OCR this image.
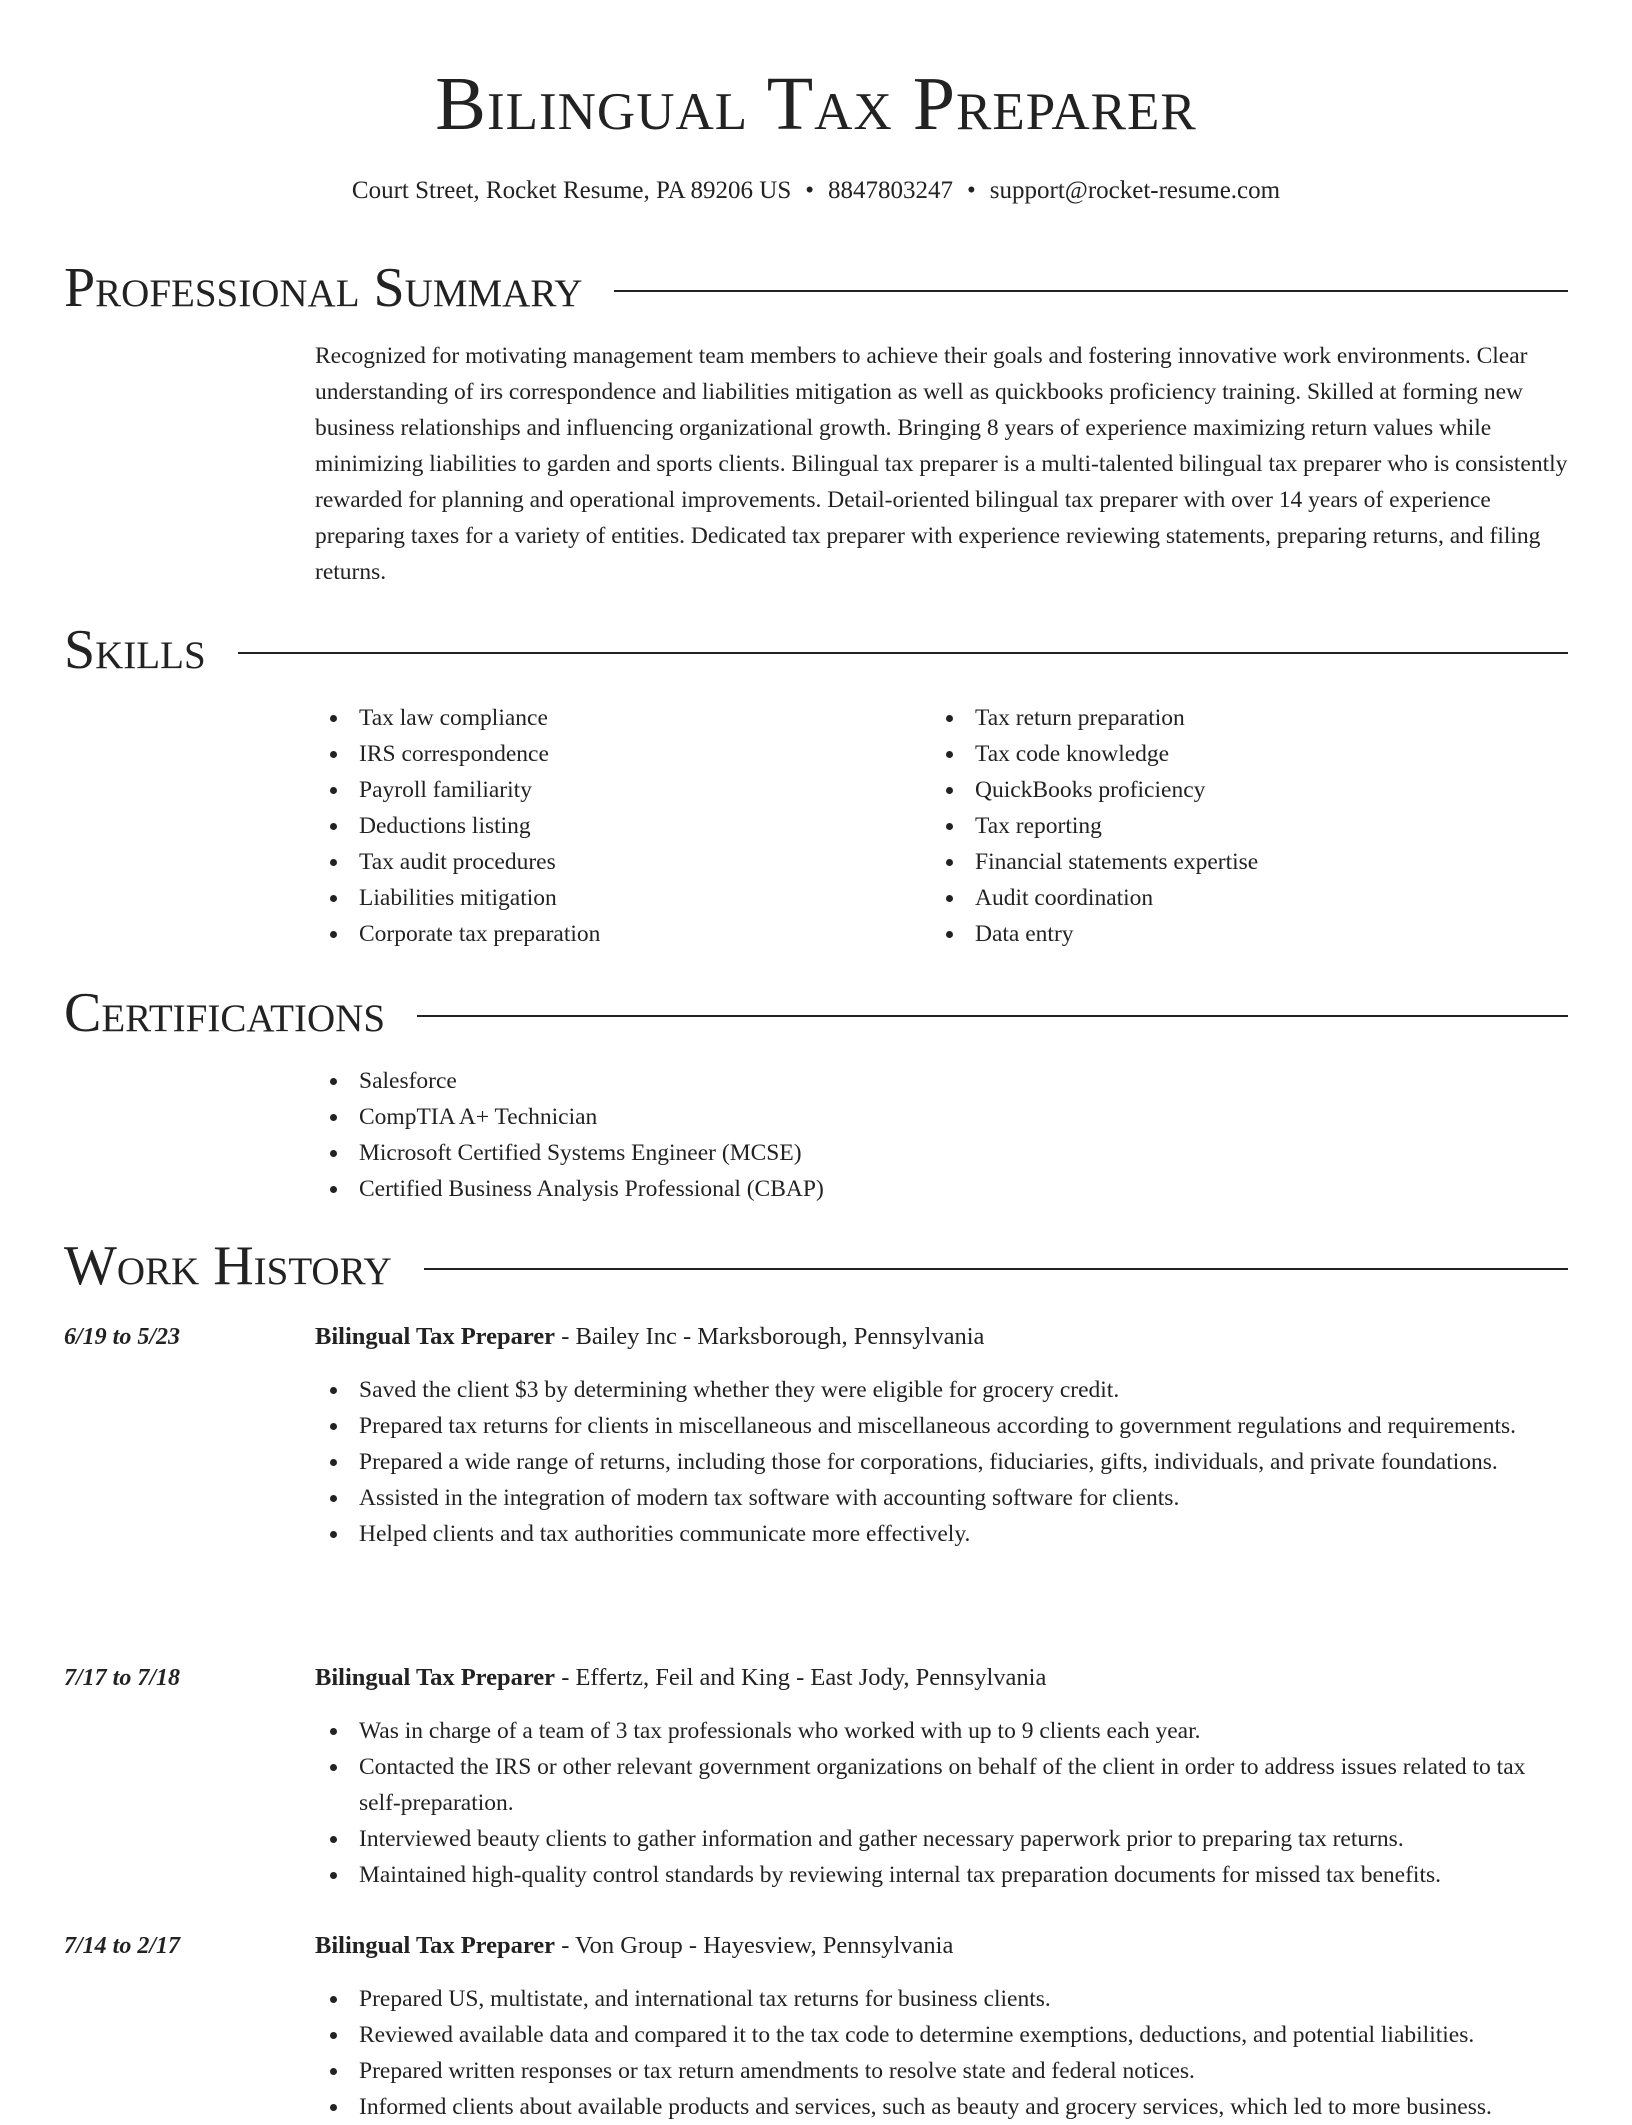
Bilingual Tax Preparer
Court Street, Rocket Resume, PA 89206 US • 8847803247 • support@rocket-resume.com
Professional Summary

Recognized for motivating management team members to achieve their goals and fostering innovative work environments. Clear understanding of irs correspondence and liabilities mitigation as well as quickbooks proficiency training. Skilled at forming new business relationships and influencing organizational growth. Bringing 8 years of experience maximizing return values while minimizing liabilities to garden and sports clients. Bilingual tax preparer is a multi-talented bilingual tax preparer who is consistently rewarded for planning and operational improvements. Detail-oriented bilingual tax preparer with over 14 years of experience preparing taxes for a variety of entities. Dedicated tax preparer with experience reviewing statements, preparing returns, and filing returns.

Skills
Tax law compliance
IRS correspondence
Payroll familiarity
Deductions listing
Tax audit procedures
Liabilities mitigation
Corporate tax preparation
Tax return preparation
Tax code knowledge
QuickBooks proficiency
Tax reporting
Financial statements expertise
Audit coordination
Data entry
Certifications
Salesforce
CompTIA A+ Technician
Microsoft Certified Systems Engineer (MCSE)
Certified Business Analysis Professional (CBAP)
Work History
6/19 to 5/23	Bilingual Tax Preparer - Bailey Inc - Marksborough, Pennsylvania
Saved the client $3 by determining whether they were eligible for grocery credit.
Prepared tax returns for clients in miscellaneous and miscellaneous according to government regulations and requirements.
Prepared a wide range of returns, including those for corporations, fiduciaries, gifts, individuals, and private foundations.
Assisted in the integration of modern tax software with accounting software for clients.
Helped clients and tax authorities communicate more effectively.
7/17 to 7/18	Bilingual Tax Preparer - Effertz, Feil and King - East Jody, Pennsylvania
Was in charge of a team of 3 tax professionals who worked with up to 9 clients each year.
Contacted the IRS or other relevant government organizations on behalf of the client in order to address issues related to tax self-preparation.
Interviewed beauty clients to gather information and gather necessary paperwork prior to preparing tax returns.
Maintained high-quality control standards by reviewing internal tax preparation documents for missed tax benefits.
7/14 to 2/17	Bilingual Tax Preparer - Von Group - Hayesview, Pennsylvania
Prepared US, multistate, and international tax returns for business clients.
Reviewed available data and compared it to the tax code to determine exemptions, deductions, and potential liabilities.
Prepared written responses or tax return amendments to resolve state and federal notices.
Informed clients about available products and services, such as beauty and grocery services, which led to more business.
